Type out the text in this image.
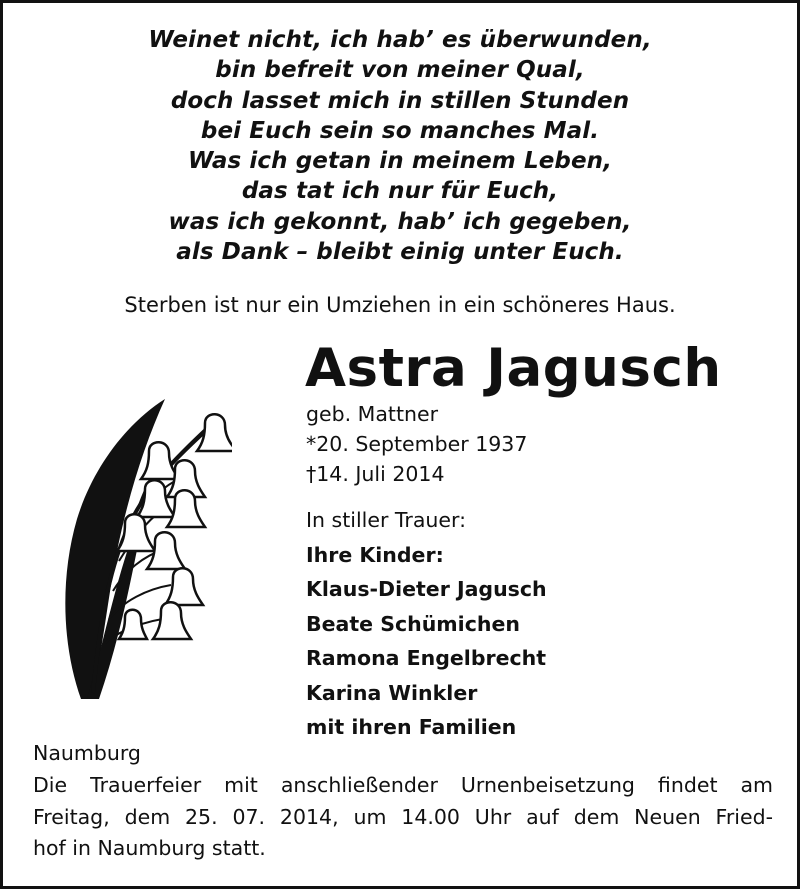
Weinet nicht, ich hab’ es überwunden,
bin befreit von meiner Qual,
doch lasset mich in stillen Stunden
bei Euch sein so manches Mal.
Was ich getan in meinem Leben,
das tat ich nur für Euch,
was ich gekonnt, hab’ ich gegeben,
als Dank – bleibt einig unter Euch.
Sterben ist nur ein Umziehen in ein schöneres Haus.
Astra Jagusch
geb. Mattner
*20. September 1937
†14. Juli 2014
In stiller Trauer:
Ihre Kinder:
Klaus-Dieter Jagusch
Beate Schümichen
Ramona Engelbrecht
Karina Winkler
mit ihren Familien
Naumburg
Die Trauerfeier mit anschließender Urnenbeisetzung findet am
Freitag, dem 25. 07. 2014, um 14.00 Uhr auf dem Neuen Fried-
hof in Naumburg statt.
